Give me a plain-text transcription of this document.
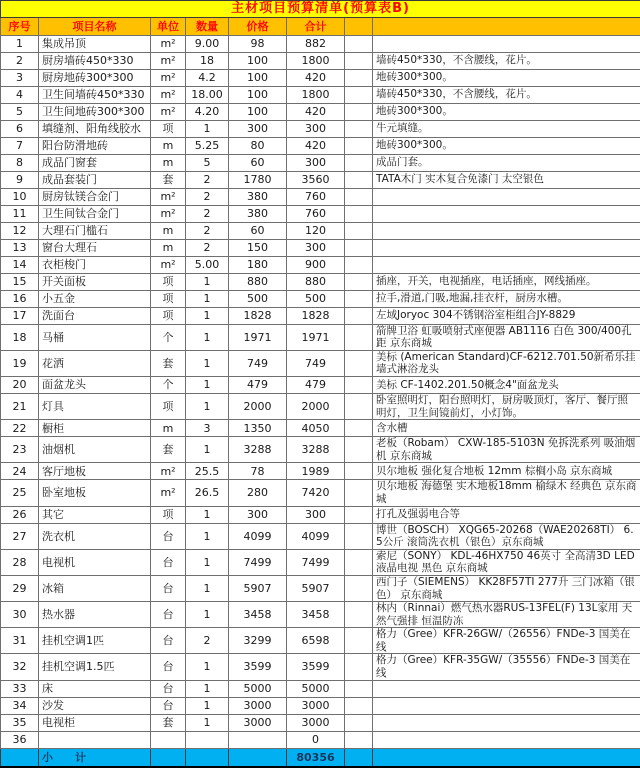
主材项目预算清单(预算表B)							
序号	项目名称	单位	数量	价格	合计		
1	集成吊顶	m²	9.00	98	882		
2	厨房墙砖450*330	m²	18	100	1800		墙砖450*330，不含腰线，花片。
3	厨房地砖300*300	m²	4.2	100	420		地砖300*300。
4	卫生间墙砖450*330	m²	18.00	100	1800		墙砖450*330，不含腰线，花片。
5	卫生间地砖300*300	m²	4.20	100	420		地砖300*300。
6	填缝剂、阳角线胶水	项	1	300	300		牛元填缝。
7	阳台防滑地砖	m	5.25	80	420		地砖300*300。
8	成品门窗套	m	5	60	300		成品门套。
9	成品套装门	套	2	1780	3560		TATA木门 实木复合免漆门 太空银色
10	厨房钛镁合金门	m²	2	380	760		
11	卫生间钛合金门	m²	2	380	760		
12	大理石门槛石	m	2	60	120		
13	窗台大理石	m	2	150	300		
14	衣柜梭门	m²	5.00	180	900		
15	开关面板	项	1	880	880		插座，开关，电视插座，电话插座，网线插座。
16	小五金	项	1	500	500		拉手,滑道,门吸,地漏,挂衣杆，厨房水槽。
17	洗面台	项	1	1828	1828		左域Joryoc 304不锈钢浴室柜组合JY-8829
18	马桶	个	1	1971	1971		箭牌卫浴 虹吸喷射式座便器 AB1116 白色 300/400孔距 京东商城
19	花洒	套	1	749	749		美标 (American Standard)CF-6212.701.50新希乐挂墙式淋浴龙头
20	面盆龙头	个	1	479	479		美标 CF-1402.201.50概念4"面盆龙头
21	灯具	项	1	2000	2000		卧室照明灯，阳台照明灯，厨房吸顶灯，客厅、餐厅照明灯，卫生间镜前灯，小灯饰。
22	橱柜	m	3	1350	4050		含水槽
23	油烟机	套	1	3288	3288		老板（Robam） CXW-185-5103N 免拆洗系列 吸油烟机 京东商城
24	客厅地板	m²	25.5	78	1989		贝尔地板 强化复合地板 12mm 棕榈小岛 京东商城
25	卧室地板	m²	26.5	280	7420		贝尔地板 海德堡 实木地板18mm 榆绿木 经典色 京东商城
26	其它	项	1	300	300		打孔及强弱电合等
27	洗衣机	台	1	4099	4099		博世（BOSCH） XQG65-20268（WAE20268TI） 6.5公斤 滚筒洗衣机（银色）京东商城
28	电视机	台	1	7499	7499		索尼（SONY） KDL-46HX750 46英寸 全高清3D LED液晶电视 黑色 京东商城
29	冰箱	台	1	5907	5907		西门子（SIEMENS） KK28F57TI 277升 三门冰箱（银色） 京东商城
30	热水器	台	1	3458	3458		林内（Rinnai）燃气热水器RUS-13FEL(F) 13L家用 天然气强排 恒温防冻
31	挂机空调1匹	台	2	3299	6598		格力（Gree）KFR-26GW/（26556）FNDe-3 国美在线
32	挂机空调1.5匹	台	1	3599	3599		格力（Gree）KFR-35GW/（35556）FNDe-3 国美在线
33	床	台	1	5000	5000		
34	沙发	台	1	3000	3000		
35	电视柜	套	1	3000	3000		
36					0		
	小　　计				80356		
